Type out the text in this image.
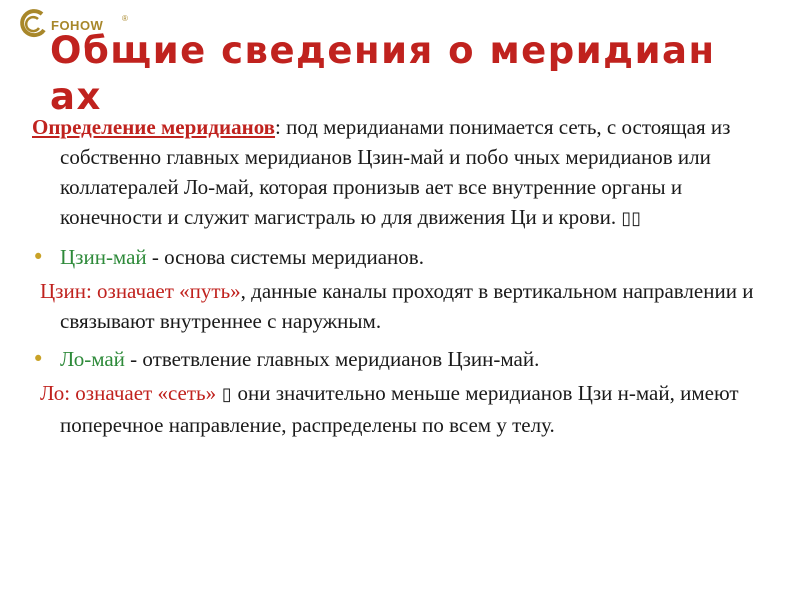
FOHOW ®
Общие сведения о меридиан ах

Определение меридианов: под меридианами понимается сеть, с остоящая из собственно главных меридианов Цзин-май и побо чных меридианов или коллатералей Ло-май, которая пронизыв ает все внутренние органы и конечности и служит магистраль ю для движения Ци и крови. ▯▯

• Цзин-май - основа системы меридианов.

Цзин: означает «путь», данные каналы проходят в вертикальном направлении и связывают внутреннее с наружным.

• Ло-май - ответвление главных меридианов Цзин-май.

Ло: означает «сеть» ▯ они значительно меньше меридианов Цзи н-май, имеют поперечное направление, распределены по всем у телу.
